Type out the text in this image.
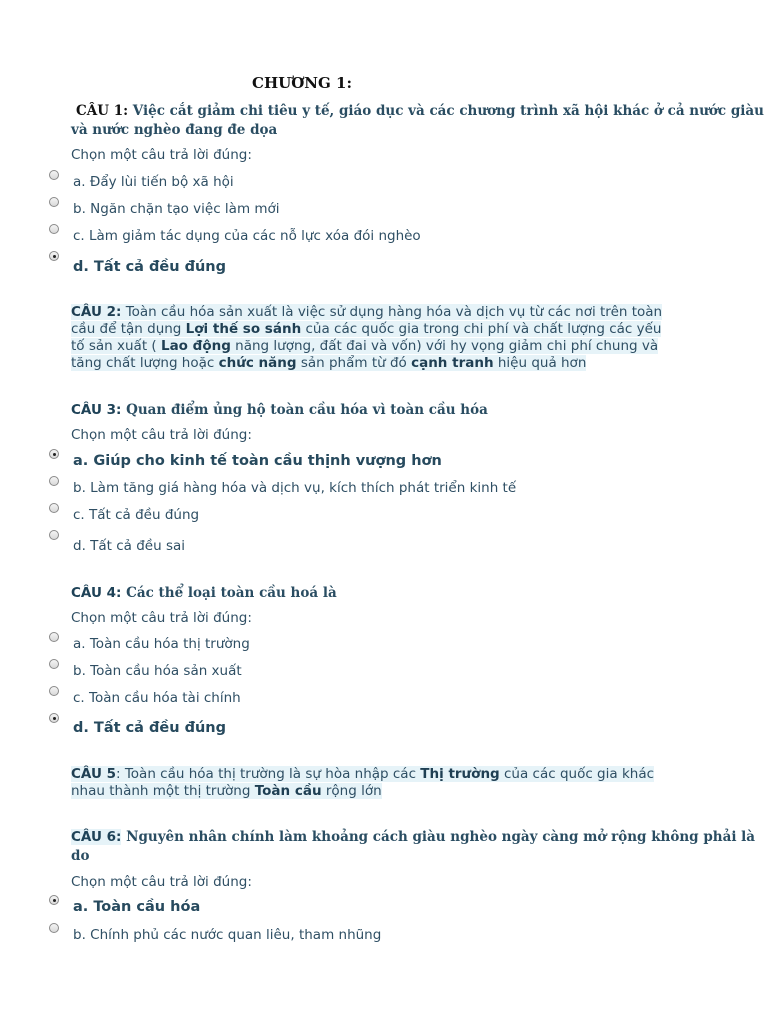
CHƯƠNG 1:
CÂU 1: Việc cắt giảm chi tiêu y tế, giáo dục và các chương trình xã hội khác ở cả nước giàu
và nước nghèo đang đe dọa
Chọn một câu trả lời đúng:
a. Đẩy lùi tiến bộ xã hội
b. Ngăn chặn tạo việc làm mới
c. Làm giảm tác dụng của các nỗ lực xóa đói nghèo
d. Tất cả đều đúng
CÂU 2: Toàn cầu hóa sản xuất là việc sử dụng hàng hóa và dịch vụ từ các nơi trên toàn
cầu để tận dụng Lợi thế so sánh của các quốc gia trong chi phí và chất lượng các yếu
tố sản xuất ( Lao động năng lượng, đất đai và vốn) với hy vọng giảm chi phí chung và
tăng chất lượng hoặc chức năng sản phẩm từ đó cạnh tranh hiệu quả hơn
CÂU 3: Quan điểm ủng hộ toàn cầu hóa vì toàn cầu hóa
Chọn một câu trả lời đúng:
a. Giúp cho kinh tế toàn cầu thịnh vượng hơn
b. Làm tăng giá hàng hóa và dịch vụ, kích thích phát triển kinh tế
c. Tất cả đều đúng
d. Tất cả đều sai
CÂU 4: Các thể loại toàn cầu hoá là
Chọn một câu trả lời đúng:
a. Toàn cầu hóa thị trường
b. Toàn cầu hóa sản xuất
c. Toàn cầu hóa tài chính
d. Tất cả đều đúng
CÂU 5: Toàn cầu hóa thị trường là sự hòa nhập các Thị trường của các quốc gia khác
nhau thành một thị trường Toàn cầu rộng lớn
CÂU 6: Nguyên nhân chính làm khoảng cách giàu nghèo ngày càng mở rộng không phải là
do
Chọn một câu trả lời đúng:
a. Toàn cầu hóa
b. Chính phủ các nước quan liêu, tham nhũng
